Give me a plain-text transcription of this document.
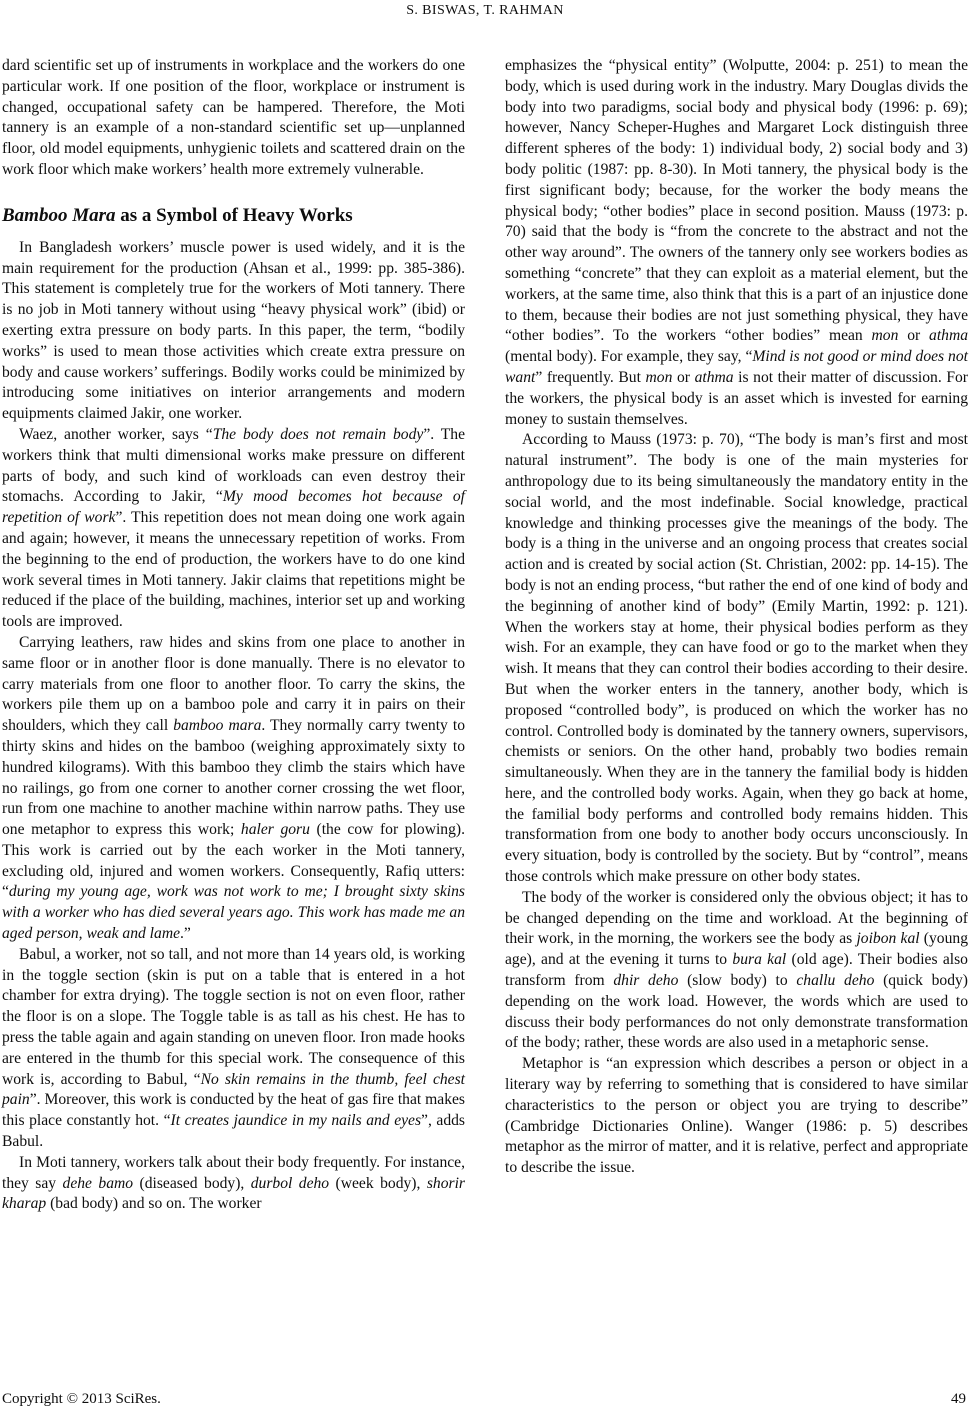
S. BISWAS, T. RAHMAN

dard scientific set up of instruments in workplace and the workers do one particular work. If one position of the floor, workplace or instrument is changed, occupational safety can be hampered. Therefore, the Moti tannery is an example of a non-standard scientific set up—unplanned floor, old model equipments, unhygienic toilets and scattered drain on the work floor which make workers’ health more extremely vulnerable.

Bamboo Mara as a Symbol of Heavy Works

In Bangladesh workers’ muscle power is used widely, and it is the main requirement for the production (Ahsan et al., 1999: pp. 385-386). This statement is completely true for the workers of Moti tannery. There is no job in Moti tannery without using “heavy physical work” (ibid) or exerting extra pressure on body parts. In this paper, the term, “bodily works” is used to mean those activities which create extra pressure on body and cause workers’ sufferings. Bodily works could be minimized by introducing some initiatives on interior arrangements and modern equipments claimed Jakir, one worker.

Waez, another worker, says “The body does not remain body”. The workers think that multi dimensional works make pressure on different parts of body, and such kind of workloads can even destroy their stomachs. According to Jakir, “My mood becomes hot because of repetition of work”. This repetition does not mean doing one work again and again; however, it means the unnecessary repetition of works. From the beginning to the end of production, the workers have to do one kind work several times in Moti tannery. Jakir claims that repetitions might be reduced if the place of the building, machines, interior set up and working tools are improved.

Carrying leathers, raw hides and skins from one place to another in same floor or in another floor is done manually. There is no elevator to carry materials from one floor to another floor. To carry the skins, the workers pile them up on a bamboo pole and carry it in pairs on their shoulders, which they call bamboo mara. They normally carry twenty to thirty skins and hides on the bamboo (weighing approximately sixty to hundred kilograms). With this bamboo they climb the stairs which have no railings, go from one corner to another corner crossing the wet floor, run from one machine to another machine within narrow paths. They use one metaphor to express this work; haler goru (the cow for plowing). This work is carried out by the each worker in the Moti tannery, excluding old, injured and women workers. Consequently, Rafiq utters: “during my young age, work was not work to me; I brought sixty skins with a worker who has died several years ago. This work has made me an aged person, weak and lame.”

Babul, a worker, not so tall, and not more than 14 years old, is working in the toggle section (skin is put on a table that is entered in a hot chamber for extra drying). The toggle section is not on even floor, rather the floor is on a slope. The Toggle table is as tall as his chest. He has to press the table again and again standing on uneven floor. Iron made hooks are entered in the thumb for this special work. The consequence of this work is, according to Babul, “No skin remains in the thumb, feel chest pain”. Moreover, this work is conducted by the heat of gas fire that makes this place constantly hot. “It creates jaundice in my nails and eyes”, adds Babul.

In Moti tannery, workers talk about their body frequently. For instance, they say dehe bamo (diseased body), durbol deho (week body), shorir kharap (bad body) and so on. The worker

emphasizes the “physical entity” (Wolputte, 2004: p. 251) to mean the body, which is used during work in the industry. Mary Douglas divids the body into two paradigms, social body and physical body (1996: p. 69); however, Nancy Scheper-Hughes and Margaret Lock distinguish three different spheres of the body: 1) individual body, 2) social body and 3) body politic (1987: pp. 8-30). In Moti tannery, the physical body is the first significant body; because, for the worker the body means the physical body; “other bodies” place in second position. Mauss (1973: p. 70) said that the body is “from the concrete to the abstract and not the other way around”. The owners of the tannery only see workers bodies as something “concrete” that they can exploit as a material element, but the workers, at the same time, also think that this is a part of an injustice done to them, because their bodies are not just something physical, they have “other bodies”. To the workers “other bodies” mean mon or athma (mental body). For example, they say, “Mind is not good or mind does not want” frequently. But mon or athma is not their matter of discussion. For the workers, the physical body is an asset which is invested for earning money to sustain themselves.

According to Mauss (1973: p. 70), “The body is man’s first and most natural instrument”. The body is one of the main mysteries for anthropology due to its being simultaneously the mandatory entity in the social world, and the most indefinable. Social knowledge, practical knowledge and thinking processes give the meanings of the body. The body is a thing in the universe and an ongoing process that creates social action and is created by social action (St. Christian, 2002: pp. 14-15). The body is not an ending process, “but rather the end of one kind of body and the beginning of another kind of body” (Emily Martin, 1992: p. 121). When the workers stay at home, their physical bodies perform as they wish. For an example, they can have food or go to the market when they wish. It means that they can control their bodies according to their desire. But when the worker enters in the tannery, another body, which is proposed “controlled body”, is produced on which the worker has no control. Controlled body is dominated by the tannery owners, supervisors, chemists or seniors. On the other hand, probably two bodies remain simultaneously. When they are in the tannery the familial body is hidden here, and the controlled body works. Again, when they go back at home, the familial body performs and controlled body remains hidden. This transformation from one body to another body occurs unconsciously. In every situation, body is controlled by the society. But by “control”, means those controls which make pressure on other body states.

The body of the worker is considered only the obvious object; it has to be changed depending on the time and workload. At the beginning of their work, in the morning, the workers see the body as joibon kal (young age), and at the evening it turns to bura kal (old age). Their bodies also transform from dhir deho (slow body) to challu deho (quick body) depending on the work load. However, the words which are used to discuss their body performances do not only demonstrate transformation of the body; rather, these words are also used in a metaphoric sense.

Metaphor is “an expression which describes a person or object in a literary way by referring to something that is considered to have similar characteristics to the person or object you are trying to describe” (Cambridge Dictionaries Online). Wanger (1986: p. 5) describes metaphor as the mirror of matter, and it is relative, perfect and appropriate to describe the issue.

Copyright © 2013 SciRes.	49
